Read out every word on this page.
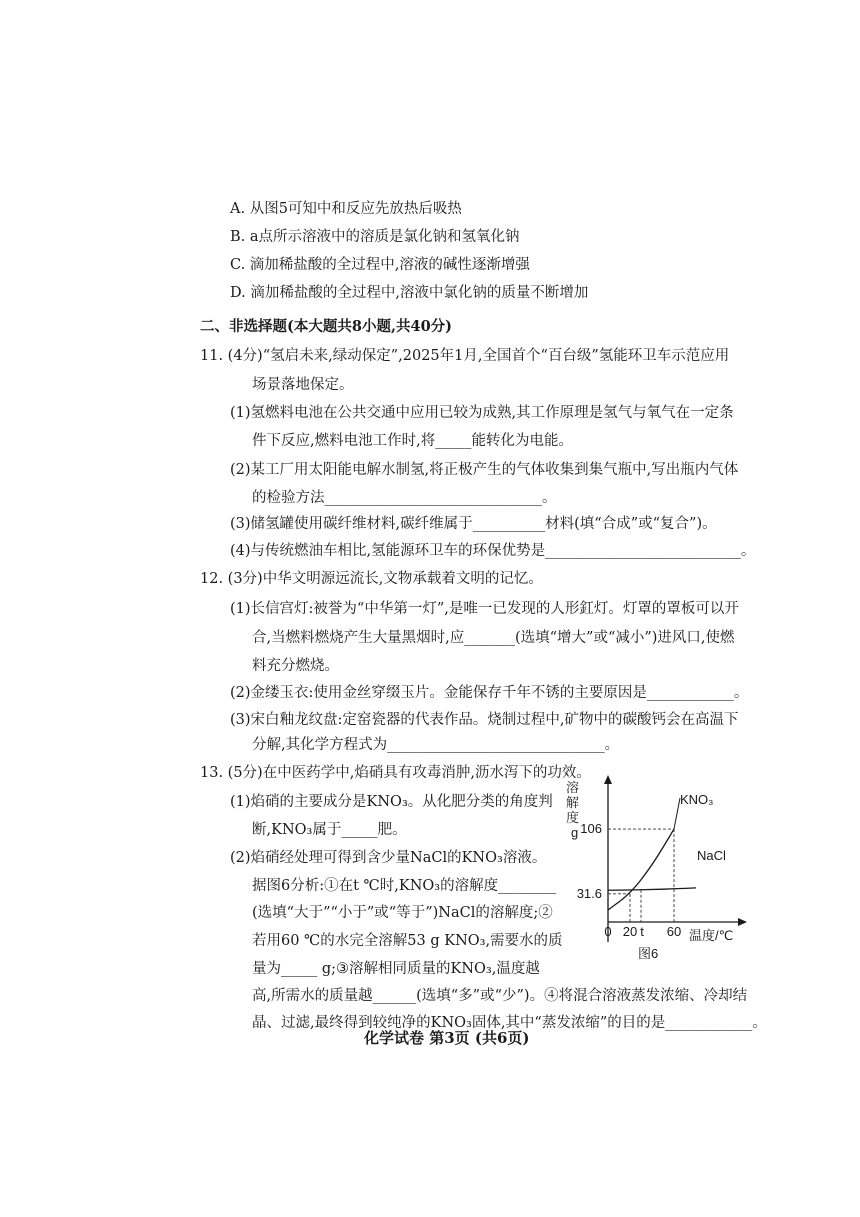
A. 从图5可知中和反应先放热后吸热
B. a点所示溶液中的溶质是氯化钠和氢氧化钠
C. 滴加稀盐酸的全过程中,溶液的碱性逐渐增强
D. 滴加稀盐酸的全过程中,溶液中氯化钠的质量不断增加
二、非选择题(本大题共8小题,共40分)
11. (4分)“氢启未来,绿动保定”,2025年1月,全国首个“百台级”氢能环卫车示范应用
场景落地保定。
(1)氢燃料电池在公共交通中应用已较为成熟,其工作原理是氢气与氧气在一定条
件下反应,燃料电池工作时,将_____能转化为电能。
(2)某工厂用太阳能电解水制氢,将正极产生的气体收集到集气瓶中,写出瓶内气体
的检验方法______________________________。
(3)储氢罐使用碳纤维材料,碳纤维属于__________材料(填“合成”或“复合”)。
(4)与传统燃油车相比,氢能源环卫车的环保优势是___________________________。
12. (3分)中华文明源远流长,文物承载着文明的记忆。
(1)长信宫灯:被誉为“中华第一灯”,是唯一已发现的人形釭灯。灯罩的罩板可以开
合,当燃料燃烧产生大量黑烟时,应_______(选填“增大”或“减小”)进风口,使燃
料充分燃烧。
(2)金缕玉衣:使用金丝穿缀玉片。金能保存千年不锈的主要原因是____________。
(3)宋白釉龙纹盘:定窑瓷器的代表作品。烧制过程中,矿物中的碳酸钙会在高温下
分解,其化学方程式为______________________________。
13. (5分)在中医药学中,焰硝具有攻毒消肿,沥水泻下的功效。
(1)焰硝的主要成分是KNO₃。从化肥分类的角度判
断,KNO₃属于_____肥。
(2)焰硝经处理可得到含少量NaCl的KNO₃溶液。
据图6分析:①在t ℃时,KNO₃的溶解度________
(选填“大于”“小于”或“等于”)NaCl的溶解度;②
若用60 ℃的水完全溶解53 g KNO₃,需要水的质
量为_____ g;③溶解相同质量的KNO₃,温度越
高,所需水的质量越______(选填“多”或“少”)。④将混合溶液蒸发浓缩、冷却结
晶、过滤,最终得到较纯净的KNO₃固体,其中“蒸发浓缩”的目的是____________。
溶
解
度
g 106
31.6
0 20 t 60 温度/℃
KNO₃
NaCl
图6
化学试卷 第3页 (共6页)
